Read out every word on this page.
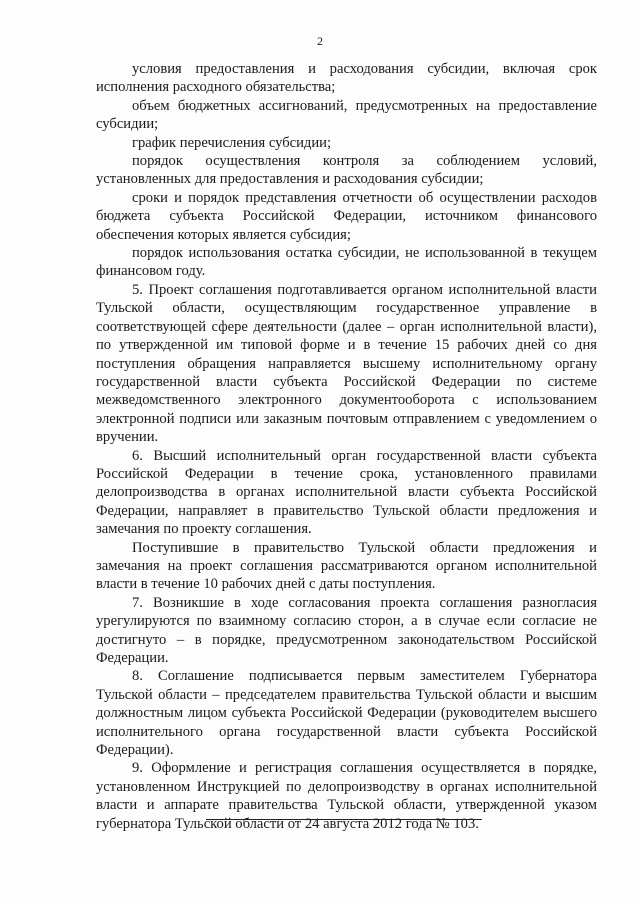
2

условия предоставления и расходования субсидии, включая срок исполнения расходного обязательства;

объем бюджетных ассигнований, предусмотренных на предоставление субсидии;

график перечисления субсидии;

порядок осуществления контроля за соблюдением условий, установленных для предоставления и расходования субсидии;

сроки и порядок представления отчетности об осуществлении расходов бюджета субъекта Российской Федерации, источником финансового обеспечения которых является субсидия;

порядок использования остатка субсидии, не использованной в текущем финансовом году.

5. Проект соглашения подготавливается органом исполнительной власти Тульской области, осуществляющим государственное управление в соответствующей сфере деятельности (далее – орган исполнительной власти), по утвержденной им типовой форме и в течение 15 рабочих дней со дня поступления обращения направляется высшему исполнительному органу государственной власти субъекта Российской Федерации по системе межведомственного электронного документооборота с использованием электронной подписи или заказным почтовым отправлением с уведомлением о вручении.

6. Высший исполнительный орган государственной власти субъекта Российской Федерации в течение срока, установленного правилами делопроизводства в органах исполнительной власти субъекта Российской Федерации, направляет в правительство Тульской области предложения и замечания по проекту соглашения.

Поступившие в правительство Тульской области предложения и замечания на проект соглашения рассматриваются органом исполнительной власти в течение 10 рабочих дней с даты поступления.

7. Возникшие в ходе согласования проекта соглашения разногласия урегулируются по взаимному согласию сторон, а в случае если согласие не достигнуто – в порядке, предусмотренном законодательством Российской Федерации.

8. Соглашение подписывается первым заместителем Губернатора Тульской области – председателем правительства Тульской области и высшим должностным лицом субъекта Российской Федерации (руководителем высшего исполнительного органа государственной власти субъекта Российской Федерации).

9. Оформление и регистрация соглашения осуществляется в порядке, установленном Инструкцией по делопроизводству в органах исполнительной власти и аппарате правительства Тульской области, утвержденной указом губернатора Тульской области от 24 августа 2012 года № 103.
